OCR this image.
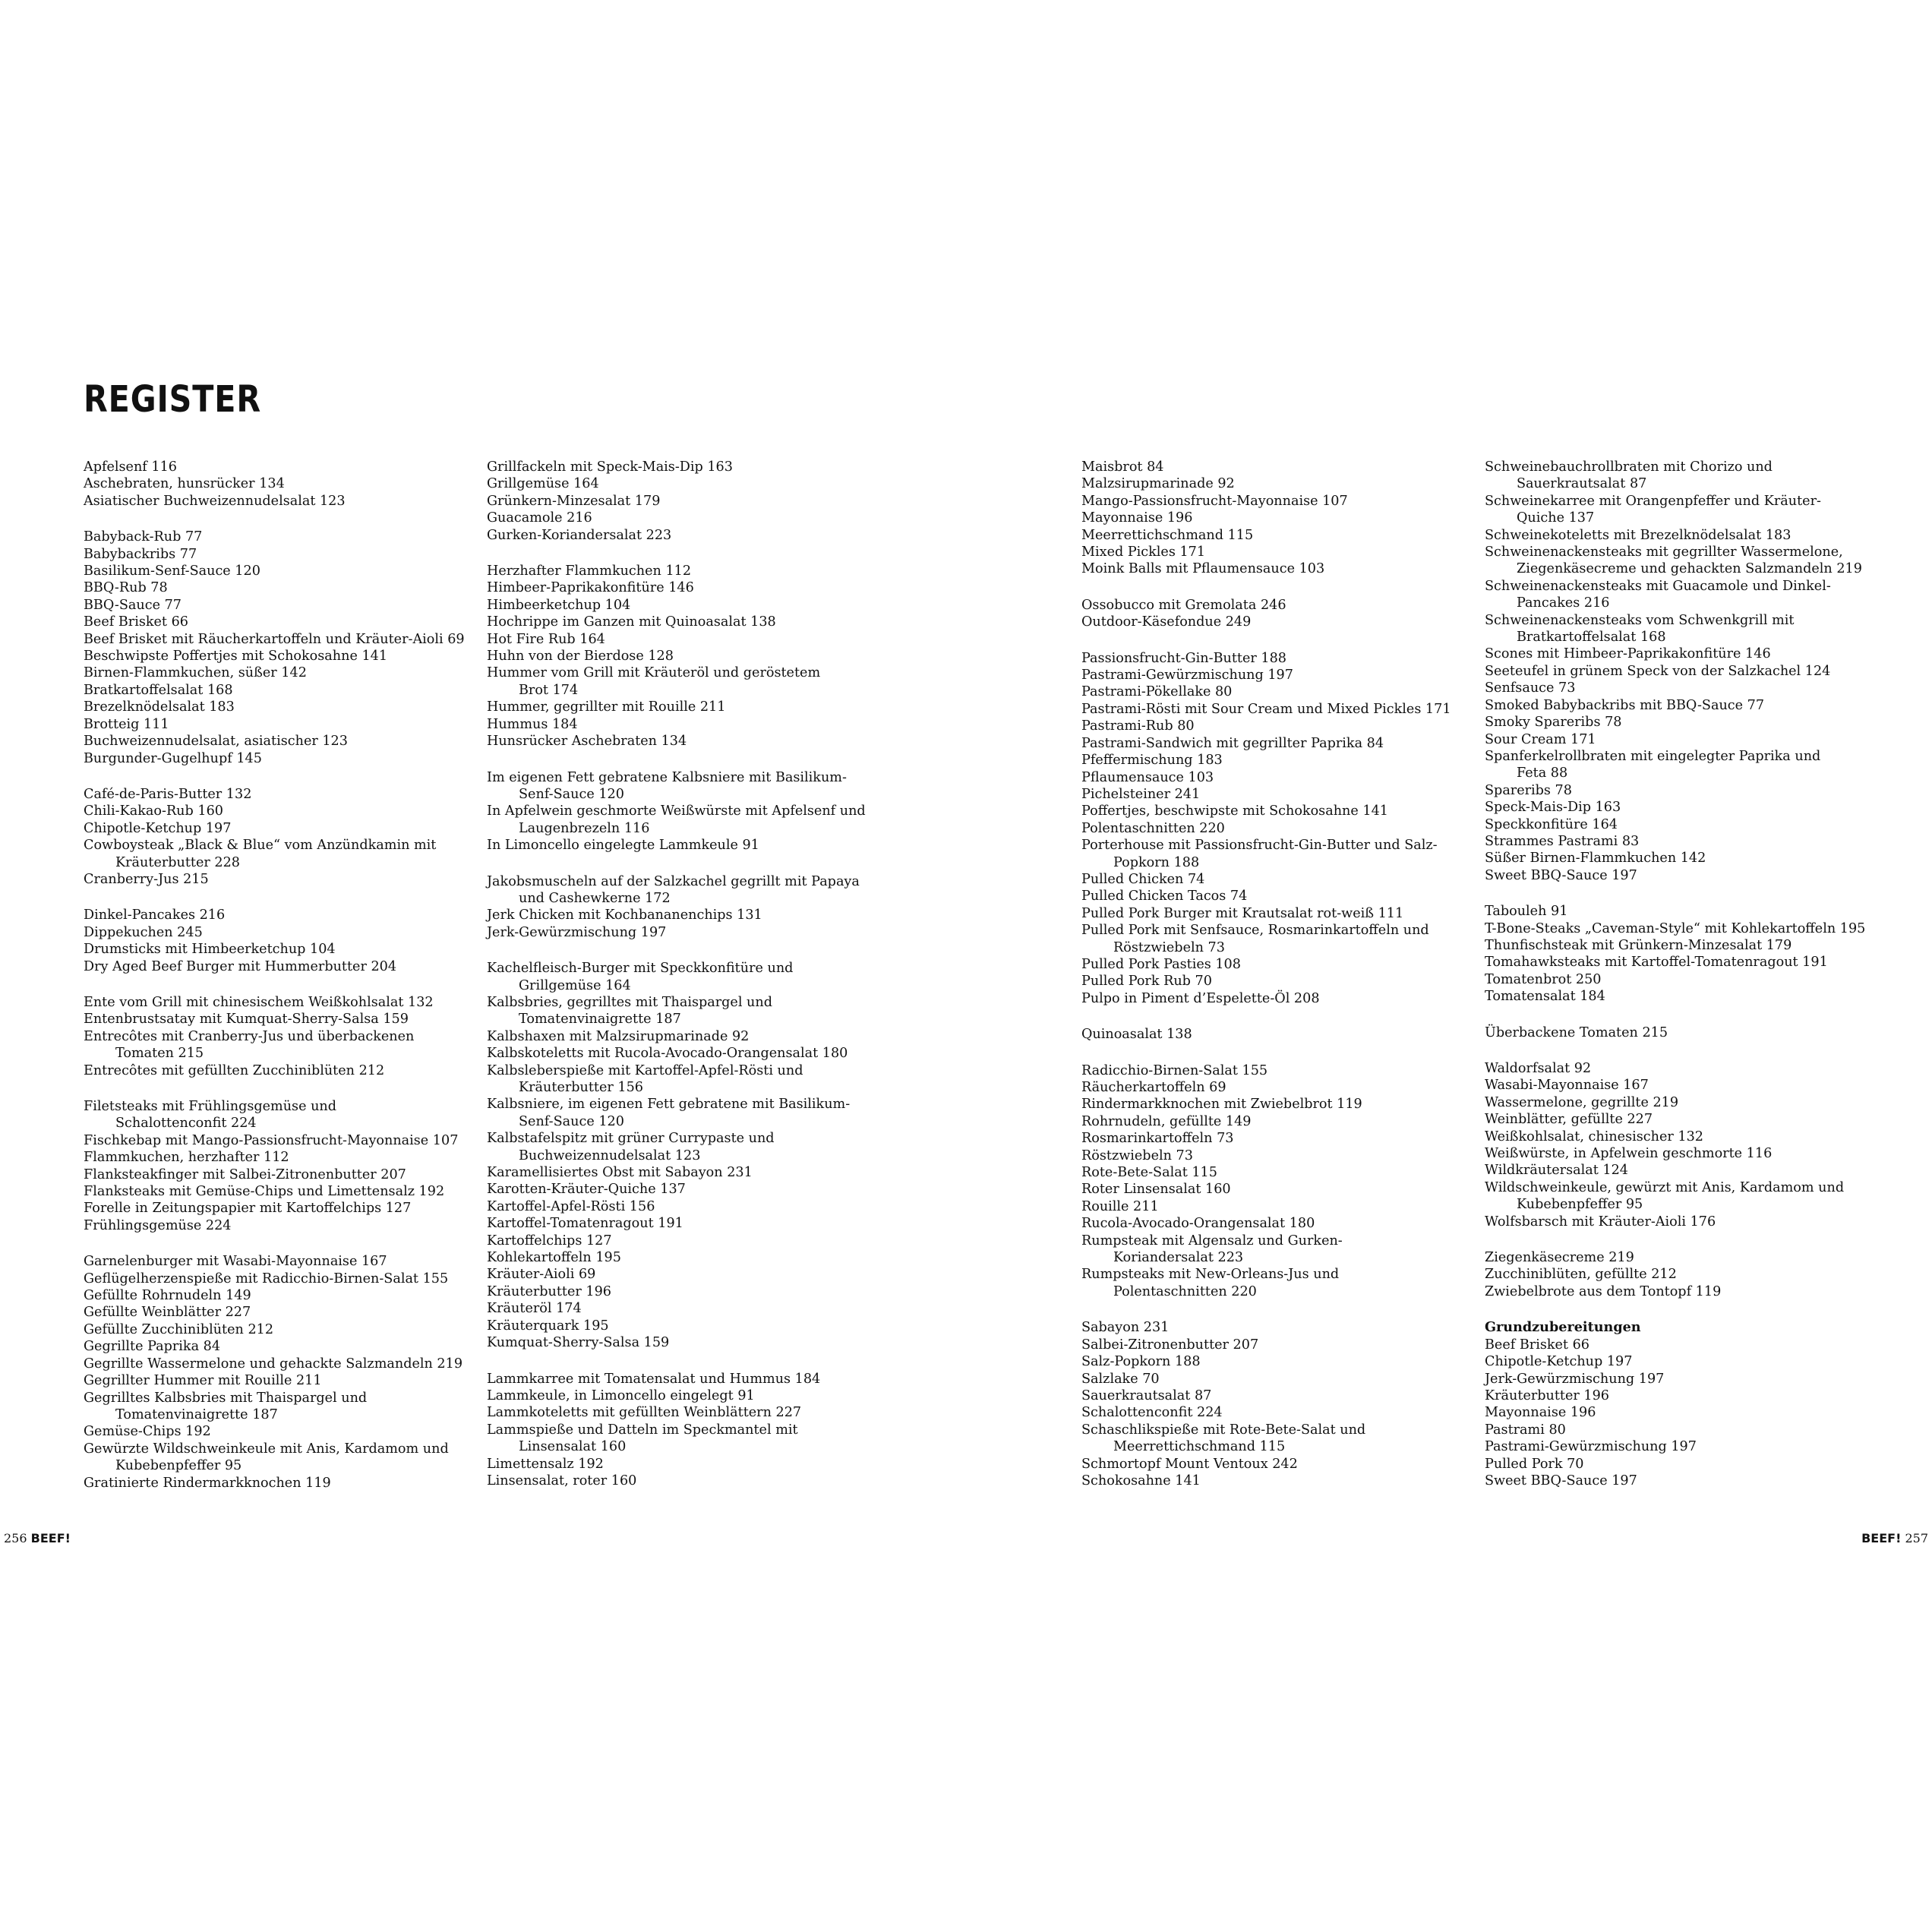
REGISTER
Apfelsenf 116
Aschebraten, hunsrücker 134
Asiatischer Buchweizennudelsalat 123
Babyback-Rub 77
Babybackribs 77
Basilikum-Senf-Sauce 120
BBQ-Rub 78
BBQ-Sauce 77
Beef Brisket 66
Beef Brisket mit Räucherkartoffeln und Kräuter-Aioli 69
Beschwipste Poffertjes mit Schokosahne 141
Birnen-Flammkuchen, süßer 142
Bratkartoffelsalat 168
Brezelknödelsalat 183
Brotteig 111
Buchweizennudelsalat, asiatischer 123
Burgunder-Gugelhupf 145
Café-de-Paris-Butter 132
Chili-Kakao-Rub 160
Chipotle-Ketchup 197
Cowboysteak „Black & Blue“ vom Anzündkamin mit
Kräuterbutter 228
Cranberry-Jus 215
Dinkel-Pancakes 216
Dippekuchen 245
Drumsticks mit Himbeerketchup 104
Dry Aged Beef Burger mit Hummerbutter 204
Ente vom Grill mit chinesischem Weißkohlsalat 132
Entenbrustsatay mit Kumquat-Sherry-Salsa 159
Entrecôtes mit Cranberry-Jus und überbackenen
Tomaten 215
Entrecôtes mit gefüllten Zucchiniblüten 212
Filetsteaks mit Frühlingsgemüse und
Schalottenconfit 224
Fischkebap mit Mango-Passionsfrucht-Mayonnaise 107
Flammkuchen, herzhafter 112
Flanksteakfinger mit Salbei-Zitronenbutter 207
Flanksteaks mit Gemüse-Chips und Limettensalz 192
Forelle in Zeitungspapier mit Kartoffelchips 127
Frühlingsgemüse 224
Garnelenburger mit Wasabi-Mayonnaise 167
Geflügelherzenspieße mit Radicchio-Birnen-Salat 155
Gefüllte Rohrnudeln 149
Gefüllte Weinblätter 227
Gefüllte Zucchiniblüten 212
Gegrillte Paprika 84
Gegrillte Wassermelone und gehackte Salzmandeln 219
Gegrillter Hummer mit Rouille 211
Gegrilltes Kalbsbries mit Thaispargel und
Tomatenvinaigrette 187
Gemüse-Chips 192
Gewürzte Wildschweinkeule mit Anis, Kardamom und
Kubebenpfeffer 95
Gratinierte Rindermarkknochen 119
Grillfackeln mit Speck-Mais-Dip 163
Grillgemüse 164
Grünkern-Minzesalat 179
Guacamole 216
Gurken-Koriandersalat 223
Herzhafter Flammkuchen 112
Himbeer-Paprikakonfitüre 146
Himbeerketchup 104
Hochrippe im Ganzen mit Quinoasalat 138
Hot Fire Rub 164
Huhn von der Bierdose 128
Hummer vom Grill mit Kräuteröl und geröstetem
Brot 174
Hummer, gegrillter mit Rouille 211
Hummus 184
Hunsrücker Aschebraten 134
Im eigenen Fett gebratene Kalbsniere mit Basilikum-
Senf-Sauce 120
In Apfelwein geschmorte Weißwürste mit Apfelsenf und
Laugenbrezeln 116
In Limoncello eingelegte Lammkeule 91
Jakobsmuscheln auf der Salzkachel gegrillt mit Papaya
und Cashewkerne 172
Jerk Chicken mit Kochbananenchips 131
Jerk-Gewürzmischung 197
Kachelfleisch-Burger mit Speckkonfitüre und
Grillgemüse 164
Kalbsbries, gegrilltes mit Thaispargel und
Tomatenvinaigrette 187
Kalbshaxen mit Malzsirupmarinade 92
Kalbskoteletts mit Rucola-Avocado-Orangensalat 180
Kalbsleberspieße mit Kartoffel-Apfel-Rösti und
Kräuterbutter 156
Kalbsniere, im eigenen Fett gebratene mit Basilikum-
Senf-Sauce 120
Kalbstafelspitz mit grüner Currypaste und
Buchweizennudelsalat 123
Karamellisiertes Obst mit Sabayon 231
Karotten-Kräuter-Quiche 137
Kartoffel-Apfel-Rösti 156
Kartoffel-Tomatenragout 191
Kartoffelchips 127
Kohlekartoffeln 195
Kräuter-Aioli 69
Kräuterbutter 196
Kräuteröl 174
Kräuterquark 195
Kumquat-Sherry-Salsa 159
Lammkarree mit Tomatensalat und Hummus 184
Lammkeule, in Limoncello eingelegt 91
Lammkoteletts mit gefüllten Weinblättern 227
Lammspieße und Datteln im Speckmantel mit
Linsensalat 160
Limettensalz 192
Linsensalat, roter 160
Maisbrot 84
Malzsirupmarinade 92
Mango-Passionsfrucht-Mayonnaise 107
Mayonnaise 196
Meerrettichschmand 115
Mixed Pickles 171
Moink Balls mit Pflaumensauce 103
Ossobucco mit Gremolata 246
Outdoor-Käsefondue 249
Passionsfrucht-Gin-Butter 188
Pastrami-Gewürzmischung 197
Pastrami-Pökellake 80
Pastrami-Rösti mit Sour Cream und Mixed Pickles 171
Pastrami-Rub 80
Pastrami-Sandwich mit gegrillter Paprika 84
Pfeffermischung 183
Pflaumensauce 103
Pichelsteiner 241
Poffertjes, beschwipste mit Schokosahne 141
Polentaschnitten 220
Porterhouse mit Passionsfrucht-Gin-Butter und Salz-
Popkorn 188
Pulled Chicken 74
Pulled Chicken Tacos 74
Pulled Pork Burger mit Krautsalat rot-weiß 111
Pulled Pork mit Senfsauce, Rosmarinkartoffeln und
Röstzwiebeln 73
Pulled Pork Pasties 108
Pulled Pork Rub 70
Pulpo in Piment d’Espelette-Öl 208
Quinoasalat 138
Radicchio-Birnen-Salat 155
Räucherkartoffeln 69
Rindermarkknochen mit Zwiebelbrot 119
Rohrnudeln, gefüllte 149
Rosmarinkartoffeln 73
Röstzwiebeln 73
Rote-Bete-Salat 115
Roter Linsensalat 160
Rouille 211
Rucola-Avocado-Orangensalat 180
Rumpsteak mit Algensalz und Gurken-
Koriandersalat 223
Rumpsteaks mit New-Orleans-Jus und
Polentaschnitten 220
Sabayon 231
Salbei-Zitronenbutter 207
Salz-Popkorn 188
Salzlake 70
Sauerkrautsalat 87
Schalottenconfit 224
Schaschlikspieße mit Rote-Bete-Salat und
Meerrettichschmand 115
Schmortopf Mount Ventoux 242
Schokosahne 141
Schweinebauchrollbraten mit Chorizo und
Sauerkrautsalat 87
Schweinekarree mit Orangenpfeffer und Kräuter-
Quiche 137
Schweinekoteletts mit Brezelknödelsalat 183
Schweinenackensteaks mit gegrillter Wassermelone,
Ziegenkäsecreme und gehackten Salzmandeln 219
Schweinenackensteaks mit Guacamole und Dinkel-
Pancakes 216
Schweinenackensteaks vom Schwenkgrill mit
Bratkartoffelsalat 168
Scones mit Himbeer-Paprikakonfitüre 146
Seeteufel in grünem Speck von der Salzkachel 124
Senfsauce 73
Smoked Babybackribs mit BBQ-Sauce 77
Smoky Spareribs 78
Sour Cream 171
Spanferkelrollbraten mit eingelegter Paprika und
Feta 88
Spareribs 78
Speck-Mais-Dip 163
Speckkonfitüre 164
Strammes Pastrami 83
Süßer Birnen-Flammkuchen 142
Sweet BBQ-Sauce 197
Tabouleh 91
T-Bone-Steaks „Caveman-Style“ mit Kohlekartoffeln 195
Thunfischsteak mit Grünkern-Minzesalat 179
Tomahawksteaks mit Kartoffel-Tomatenragout 191
Tomatenbrot 250
Tomatensalat 184
Überbackene Tomaten 215
Waldorfsalat 92
Wasabi-Mayonnaise 167
Wassermelone, gegrillte 219
Weinblätter, gefüllte 227
Weißkohlsalat, chinesischer 132
Weißwürste, in Apfelwein geschmorte 116
Wildkräutersalat 124
Wildschweinkeule, gewürzt mit Anis, Kardamom und
Kubebenpfeffer 95
Wolfsbarsch mit Kräuter-Aioli 176
Ziegenkäsecreme 219
Zucchiniblüten, gefüllte 212
Zwiebelbrote aus dem Tontopf 119
Grundzubereitungen
Beef Brisket 66
Chipotle-Ketchup 197
Jerk-Gewürzmischung 197
Kräuterbutter 196
Mayonnaise 196
Pastrami 80
Pastrami-Gewürzmischung 197
Pulled Pork 70
Sweet BBQ-Sauce 197
256 BEEF!	BEEF! 257
